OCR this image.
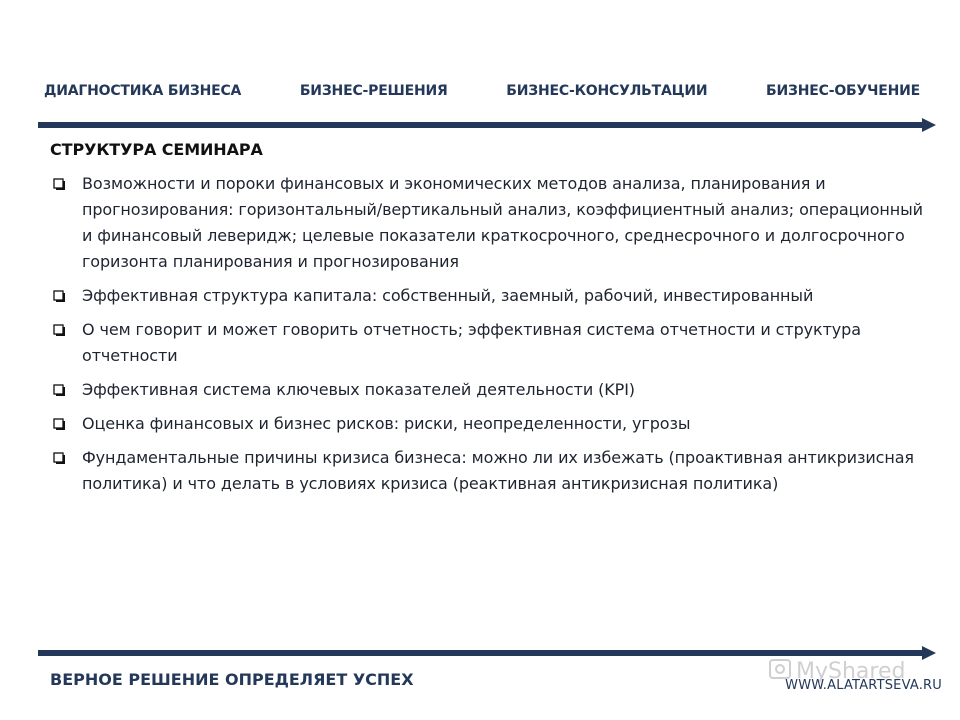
ДИАГНОСТИКА БИЗНЕСА	БИЗНЕС-РЕШЕНИЯ	БИЗНЕС-КОНСУЛЬТАЦИИ	БИЗНЕС-ОБУЧЕНИЕ
СТРУКТУРА СЕМИНАРА
Возможности и пороки финансовых и экономических методов анализа, планирования и прогнозирования: горизонтальный/вертикальный анализ, коэффициентный анализ; операционный и финансовый леверидж; целевые показатели краткосрочного, среднесрочного и долгосрочного горизонта планирования и прогнозирования
Эффективная структура капитала: собственный, заемный, рабочий, инвестированный
О чем говорит и может говорить отчетность; эффективная система отчетности и структура отчетности
Эффективная система ключевых показателей деятельности (KPI)
Оценка финансовых и бизнес рисков: риски, неопределенности, угрозы
Фундаментальные причины кризиса бизнеса: можно ли их избежать (проактивная антикризисная политика) и что делать в условиях кризиса (реактивная антикризисная политика)
MyShared
ВЕРНОЕ РЕШЕНИЕ ОПРЕДЕЛЯЕТ УСПЕХ	WWW.ALATARTSEVA.RU
